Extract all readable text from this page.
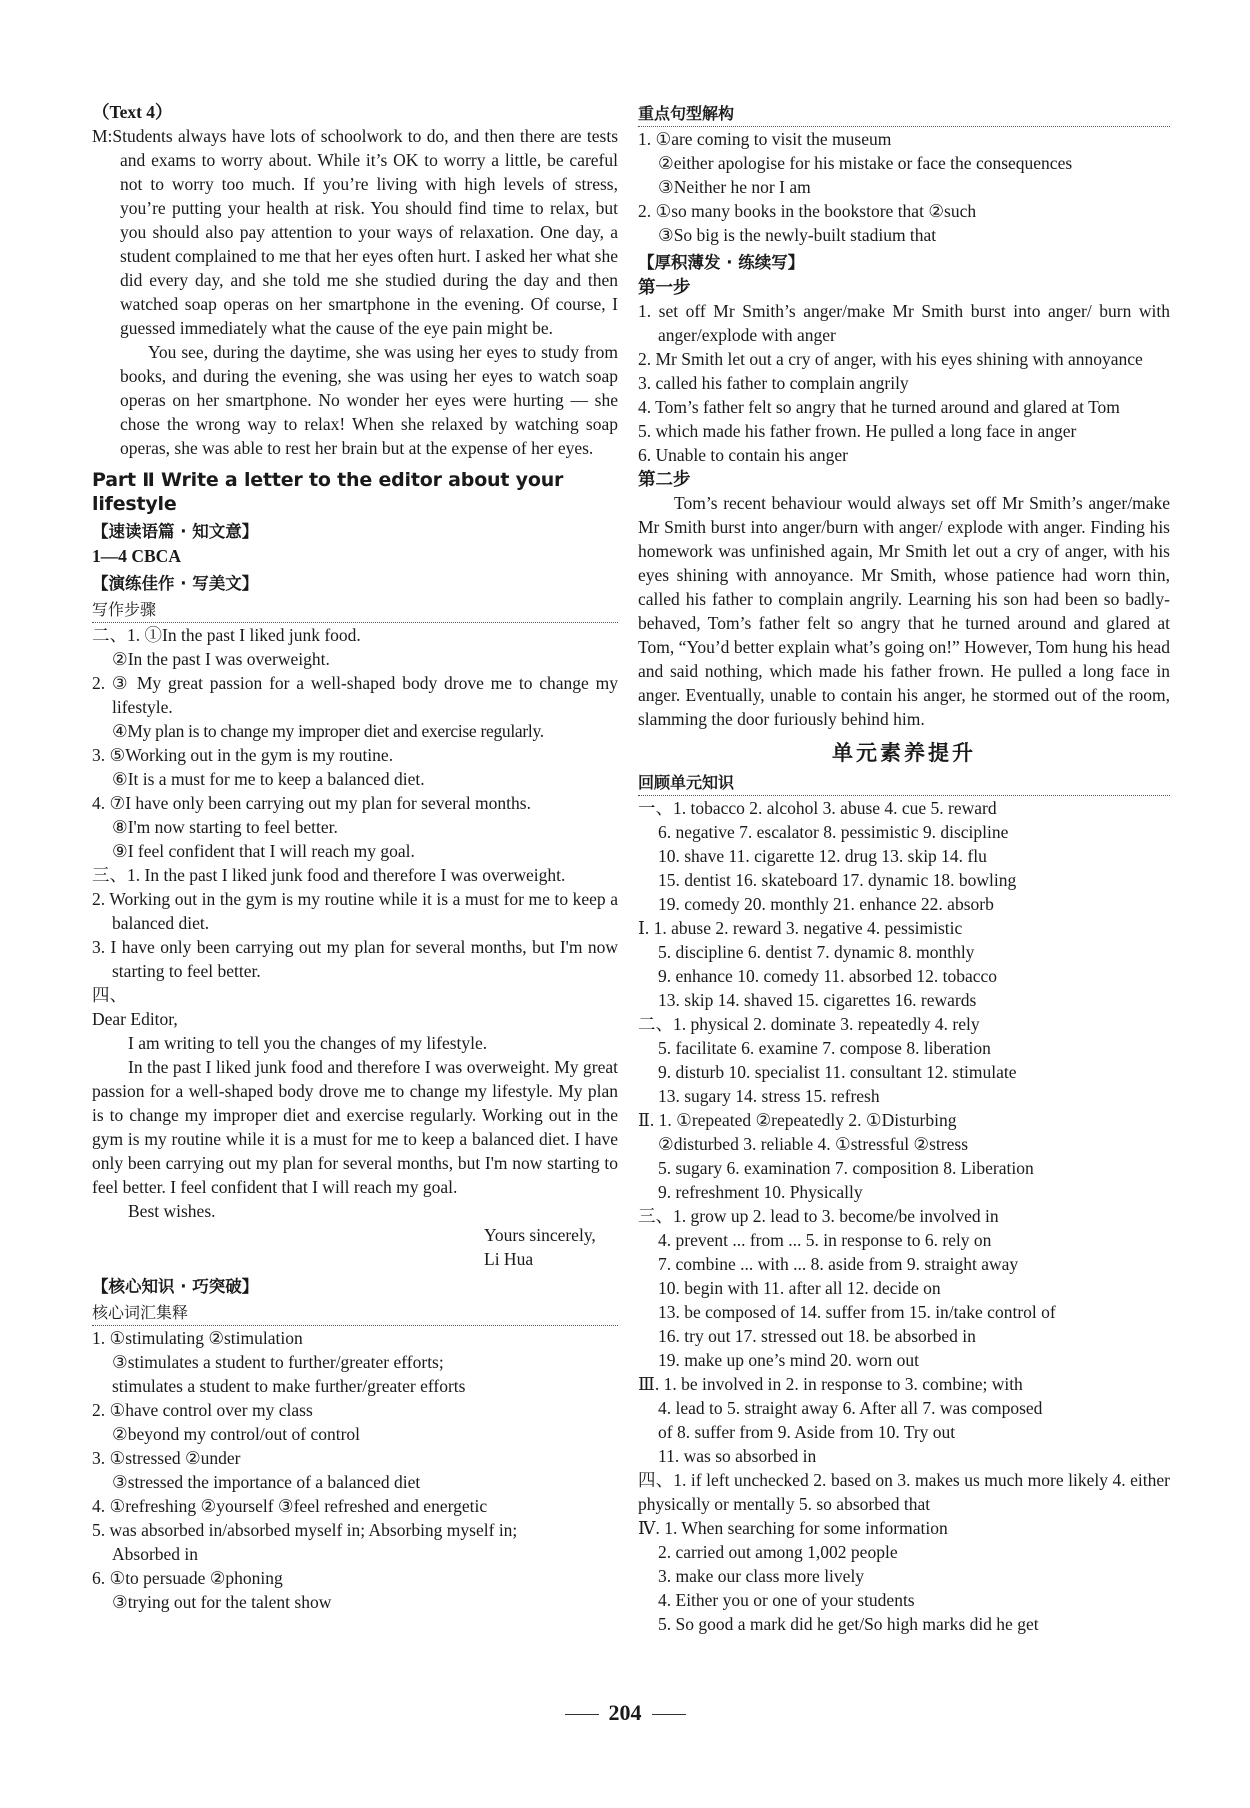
（Text 4）

M:Students always have lots of schoolwork to do, and then there are tests and exams to worry about. While it’s OK to worry a little, be careful not to worry too much. If you’re living with high levels of stress, you’re putting your health at risk. You should find time to relax, but you should also pay attention to your ways of relaxation. One day, a student complained to me that her eyes often hurt. I asked her what she did every day, and she told me she studied during the day and then watched soap operas on her smartphone in the evening. Of course, I guessed immediately what the cause of the eye pain might be.

You see, during the daytime, she was using her eyes to study from books, and during the evening, she was using her eyes to watch soap operas on her smartphone. No wonder her eyes were hurting — she chose the wrong way to relax! When she relaxed by watching soap operas, she was able to rest her brain but at the expense of her eyes.

Part Ⅱ Write a letter to the editor about your lifestyle
【速读语篇 · 知文意】

1—4 CBCA

【演练佳作 · 写美文】
写作步骤

二、1. ①In the past I liked junk food.

②In the past I was overweight.

2. ③ My great passion for a well-shaped body drove me to change my lifestyle.

④My plan is to change my improper diet and exercise regularly.

3. ⑤Working out in the gym is my routine.

⑥It is a must for me to keep a balanced diet.

4. ⑦I have only been carrying out my plan for several months.

⑧I'm now starting to feel better.

⑨I feel confident that I will reach my goal.

三、1. In the past I liked junk food and therefore I was overweight.

2. Working out in the gym is my routine while it is a must for me to keep a balanced diet.

3. I have only been carrying out my plan for several months, but I'm now starting to feel better.

四、

Dear Editor,

I am writing to tell you the changes of my lifestyle.

In the past I liked junk food and therefore I was overweight. My great passion for a well-shaped body drove me to change my lifestyle. My plan is to change my improper diet and exercise regularly. Working out in the gym is my routine while it is a must for me to keep a balanced diet. I have only been carrying out my plan for several months, but I'm now starting to feel better. I feel confident that I will reach my goal.

Best wishes.

Yours sincerely,

Li Hua

【核心知识 · 巧突破】
核心词汇集释

1. ①stimulating ②stimulation

③stimulates a student to further/greater efforts;

stimulates a student to make further/greater efforts

2. ①have control over my class

②beyond my control/out of control

3. ①stressed ②under

③stressed the importance of a balanced diet

4. ①refreshing ②yourself ③feel refreshed and energetic

5. was absorbed in/absorbed myself in; Absorbing myself in;

Absorbed in

6. ①to persuade ②phoning

③trying out for the talent show

重点句型解构

1. ①are coming to visit the museum

②either apologise for his mistake or face the consequences

③Neither he nor I am

2. ①so many books in the bookstore that ②such

③So big is the newly-built stadium that

【厚积薄发 · 练续写】

第一步

1. set off Mr Smith’s anger/make Mr Smith burst into anger/ burn with anger/explode with anger

2. Mr Smith let out a cry of anger, with his eyes shining with annoyance

3. called his father to complain angrily

4. Tom’s father felt so angry that he turned around and glared at Tom

5. which made his father frown. He pulled a long face in anger

6. Unable to contain his anger

第二步

Tom’s recent behaviour would always set off Mr Smith’s anger/make Mr Smith burst into anger/burn with anger/ explode with anger. Finding his homework was unfinished again, Mr Smith let out a cry of anger, with his eyes shining with annoyance. Mr Smith, whose patience had worn thin, called his father to complain angrily. Learning his son had been so badly-behaved, Tom’s father felt so angry that he turned around and glared at Tom, “You’d better explain what’s going on!” However, Tom hung his head and said nothing, which made his father frown. He pulled a long face in anger. Eventually, unable to contain his anger, he stormed out of the room, slamming the door furiously behind him.

单元素养提升
回顾单元知识

一、1. tobacco 2. alcohol 3. abuse 4. cue 5. reward

6. negative 7. escalator 8. pessimistic 9. discipline

10. shave 11. cigarette 12. drug 13. skip 14. flu

15. dentist 16. skateboard 17. dynamic 18. bowling

19. comedy 20. monthly 21. enhance 22. absorb

Ⅰ. 1. abuse 2. reward 3. negative 4. pessimistic

5. discipline 6. dentist 7. dynamic 8. monthly

9. enhance 10. comedy 11. absorbed 12. tobacco

13. skip 14. shaved 15. cigarettes 16. rewards

二、1. physical 2. dominate 3. repeatedly 4. rely

5. facilitate 6. examine 7. compose 8. liberation

9. disturb 10. specialist 11. consultant 12. stimulate

13. sugary 14. stress 15. refresh

Ⅱ. 1. ①repeated ②repeatedly 2. ①Disturbing

②disturbed 3. reliable 4. ①stressful ②stress

5. sugary 6. examination 7. composition 8. Liberation

9. refreshment 10. Physically

三、1. grow up 2. lead to 3. become/be involved in

4. prevent ... from ... 5. in response to 6. rely on

7. combine ... with ... 8. aside from 9. straight away

10. begin with 11. after all 12. decide on

13. be composed of 14. suffer from 15. in/take control of

16. try out 17. stressed out 18. be absorbed in

19. make up one’s mind 20. worn out

Ⅲ. 1. be involved in 2. in response to 3. combine; with

4. lead to 5. straight away 6. After all 7. was composed

of 8. suffer from 9. Aside from 10. Try out

11. was so absorbed in

四、1. if left unchecked 2. based on 3. makes us much more likely 4. either physically or mentally 5. so absorbed that

Ⅳ. 1. When searching for some information

2. carried out among 1,002 people

3. make our class more lively

4. Either you or one of your students

5. So good a mark did he get/So high marks did he get

204
